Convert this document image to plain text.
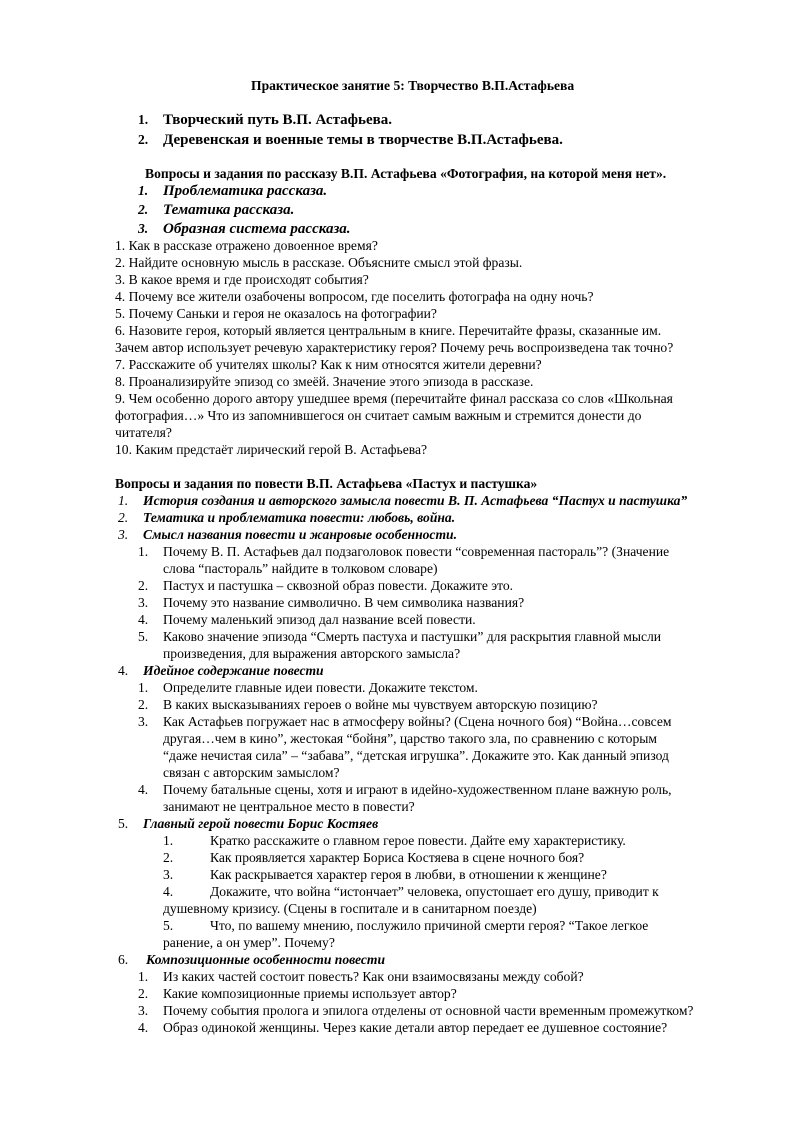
Практическое занятие 5: Творчество В.П.Астафьева
1. Творческий путь В.П. Астафьева.
2. Деревенская и военные темы в творчестве В.П.Астафьева.
Вопросы и задания по рассказу В.П. Астафьева «Фотография, на которой меня нет».
1. Проблематика рассказа.
2. Тематика рассказа.
3. Образная система рассказа.
1. Как в рассказе отражено довоенное время?
2. Найдите основную мысль в рассказе. Объясните смысл этой фразы.
3. В какое время и где происходят события?
4. Почему все жители озабочены вопросом, где поселить фотографа на одну ночь?
5. Почему Саньки и героя не оказалось на фотографии?
6. Назовите героя, который является центральным в книге. Перечитайте фразы, сказанные им.
Зачем автор использует речевую характеристику героя? Почему речь воспроизведена так точно?
7. Расскажите об учителях школы? Как к ним относятся жители деревни?
8. Проанализируйте эпизод со змеёй. Значение этого эпизода в рассказе.
9. Чем особенно дорого автору ушедшее время (перечитайте финал рассказа со слов «Школьная
фотография…» Что из запомнившегося он считает самым важным и стремится донести до
читателя?
10. Каким предстаёт лирический герой В. Астафьева?
Вопросы и задания по повести В.П. Астафьева «Пастух и пастушка»
1. История создания и авторского замысла повести В. П. Астафьева “Пастух и пастушка”
2. Тематика и проблематика повести: любовь, война.
3. Смысл названия повести и жанровые особенности.
1. Почему В. П. Астафьев дал подзаголовок повести “современная пастораль”? (Значение
слова “пастораль” найдите в толковом словаре)
2. Пастух и пастушка – сквозной образ повести. Докажите это.
3. Почему это название символично. В чем символика названия?
4. Почему маленький эпизод дал название всей повести.
5. Каково значение эпизода “Смерть пастуха и пастушки” для раскрытия главной мысли
произведения, для выражения авторского замысла?
4. Идейное содержание повести
1. Определите главные идеи повести. Докажите текстом.
2. В каких высказываниях героев о войне мы чувствуем авторскую позицию?
3. Как Астафьев погружает нас в атмосферу войны? (Сцена ночного боя) “Война…совсем
другая…чем в кино”, жестокая “бойня”, царство такого зла, по сравнению с которым
“даже нечистая сила” – “забава”, “детская игрушка”. Докажите это. Как данный эпизод
связан с авторским замыслом?
4. Почему батальные сцены, хотя и играют в идейно-художественном плане важную роль,
занимают не центральное место в повести?
5. Главный герой повести Борис Костяев
1.	Кратко расскажите о главном герое повести. Дайте ему характеристику.
2.	Как проявляется характер Бориса Костяева в сцене ночного боя?
3.	Как раскрывается характер героя в любви, в отношении к женщине?
4.	Докажите, что война “истончает” человека, опустошает его душу, приводит к
душевному кризису. (Сцены в госпитале и в санитарном поезде)
5.	Что, по вашему мнению, послужило причиной смерти героя? “Такое легкое
ранение, а он умер”. Почему?
6. Композиционные особенности повести
1. Из каких частей состоит повесть? Как они взаимосвязаны между собой?
2. Какие композиционные приемы использует автор?
3. Почему события пролога и эпилога отделены от основной части временным промежутком?
4. Образ одинокой женщины. Через какие детали автор передает ее душевное состояние?
